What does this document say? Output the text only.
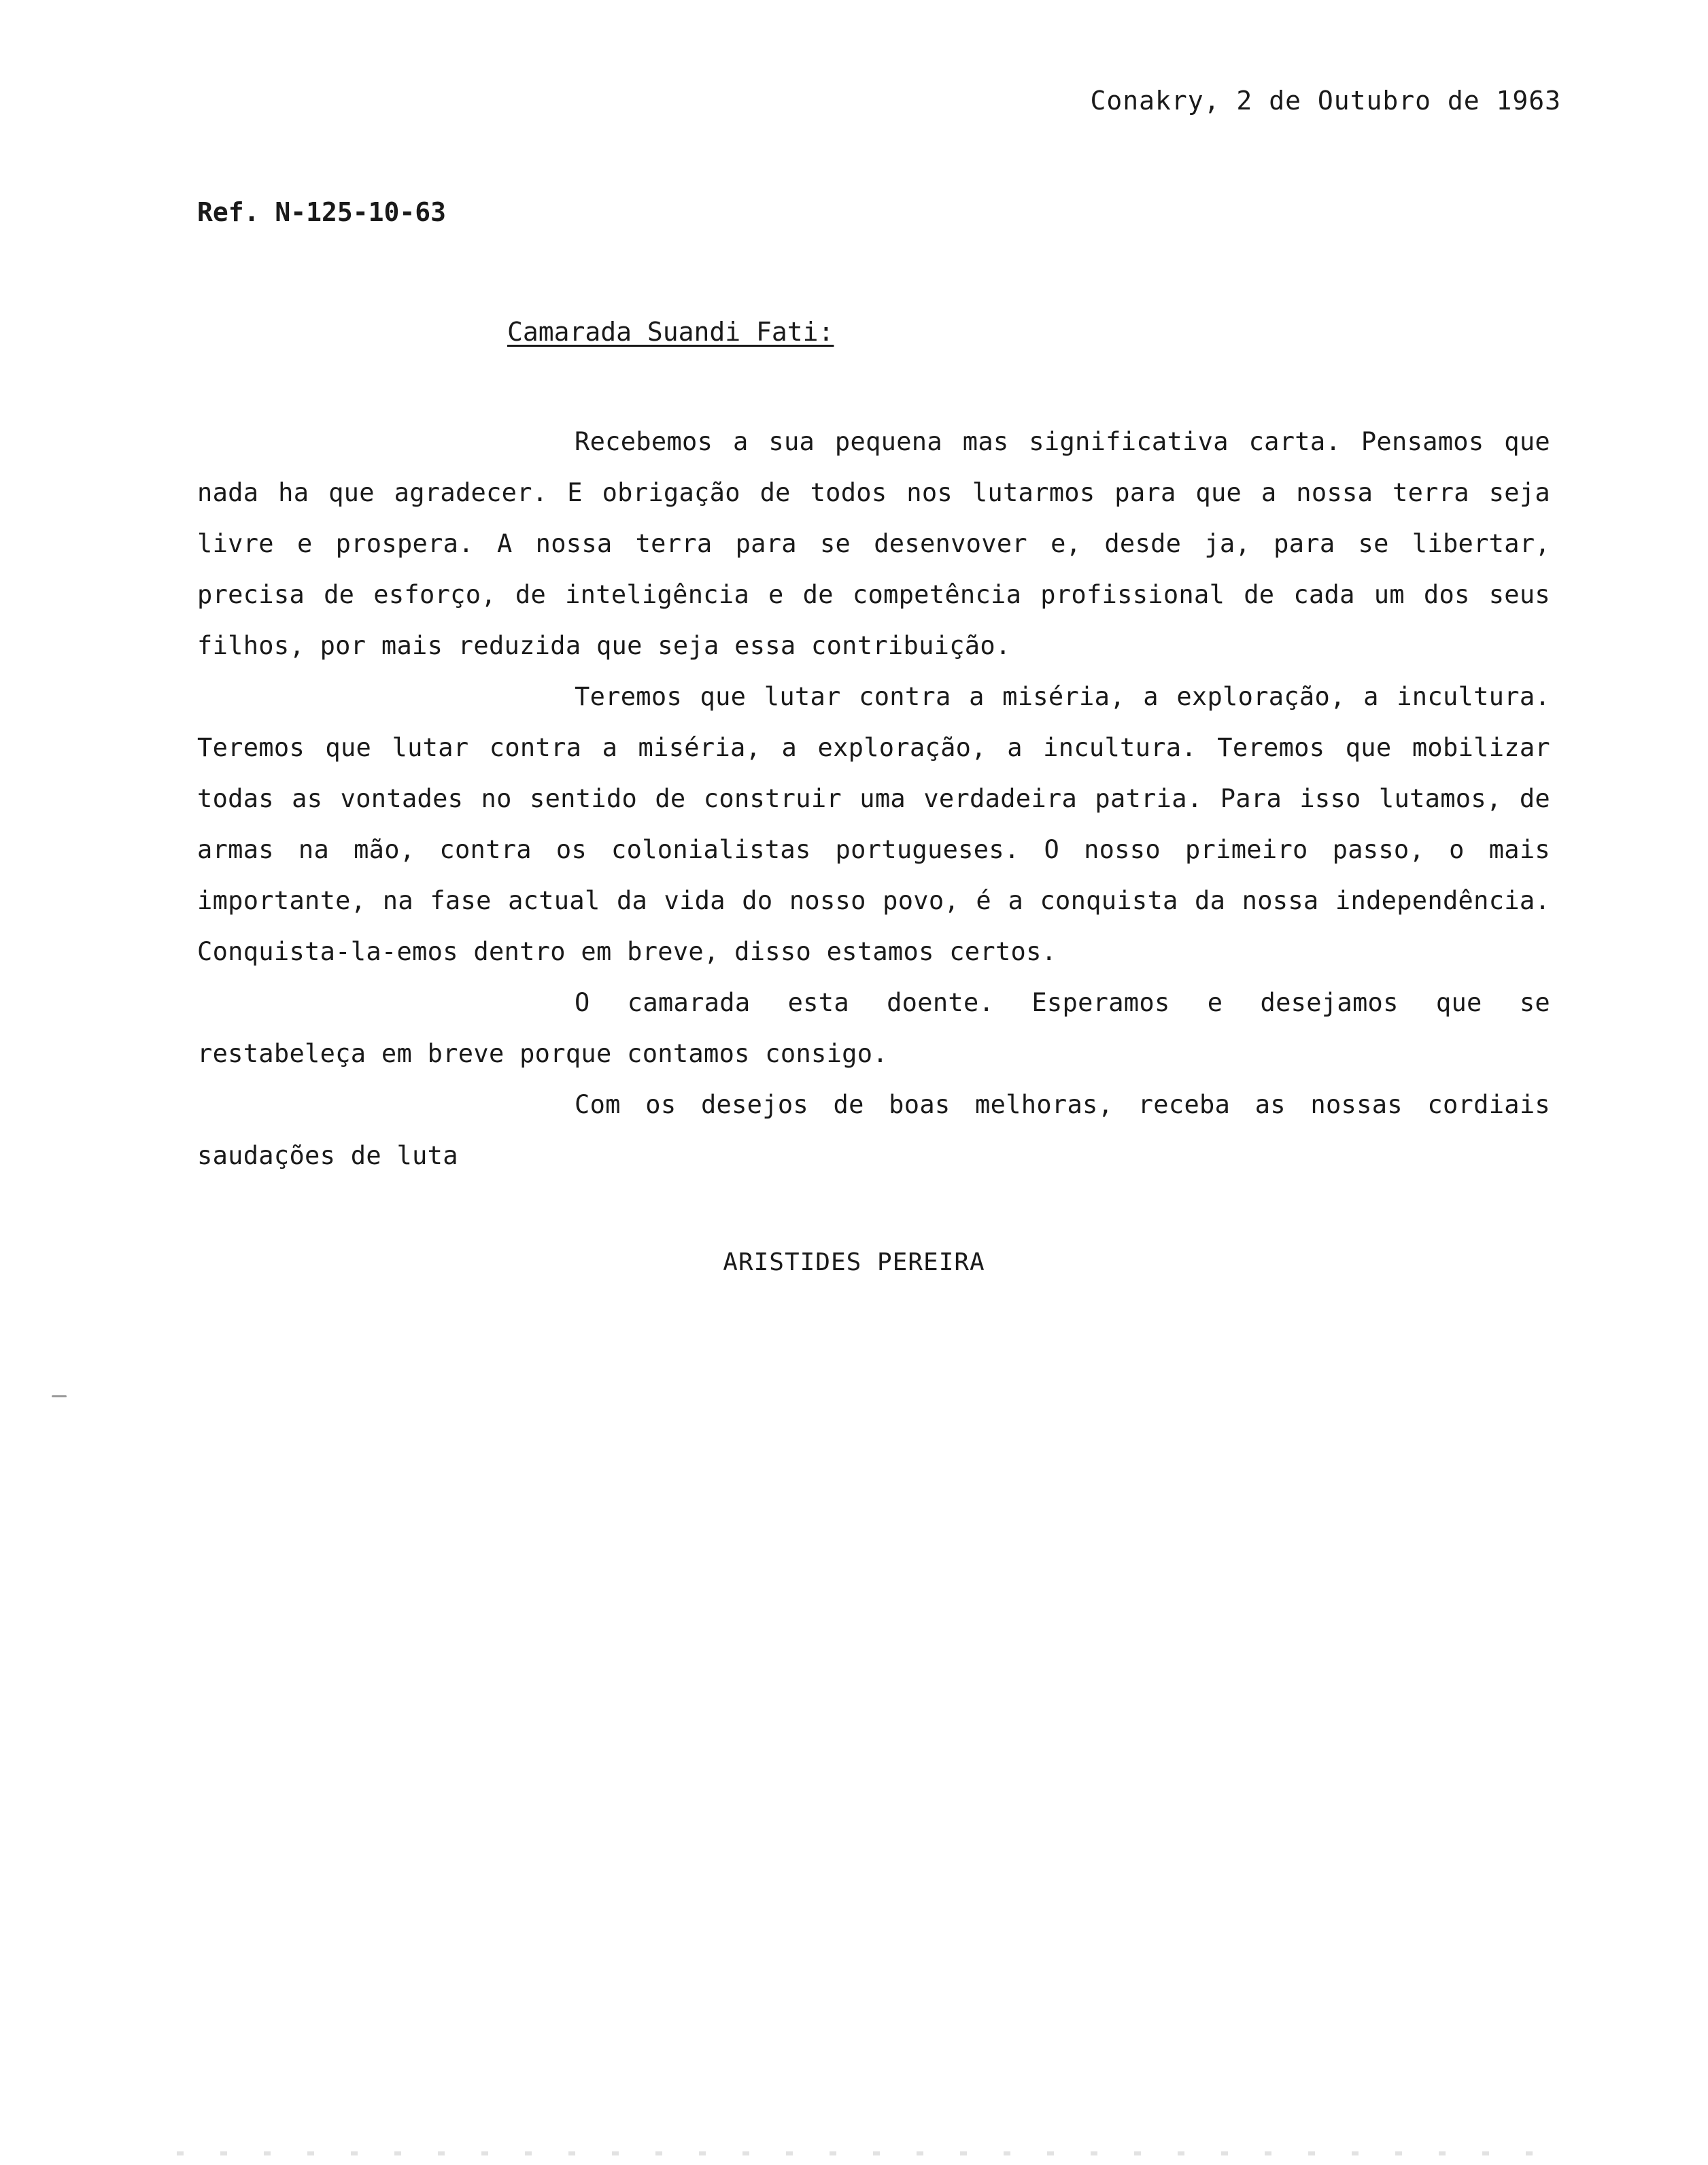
Conakry, 2 de Outubro de 1963
Ref. N-125-10-63
Camarada Suandi Fati:

Recebemos a sua pequena mas significativa carta. Pensamos que nada ha que agradecer. E obrigação de todos nos lutarmos para que a nossa terra seja livre e prospera. A nossa terra para se desenvover e, desde ja, para se libertar, precisa de esforço, de inteligência e de competência profissional de cada um dos seus filhos, por mais reduzida que seja essa contribuição.

Teremos que lutar contra a miséria, a exploração, a incultura. Teremos que lutar contra a miséria, a exploração, a incultura. Teremos que mobilizar todas as vontades no sentido de construir uma verdadeira patria. Para isso lutamos, de armas na mão, contra os colonialistas portugueses. O nosso primeiro passo, o mais importante, na fase actual da vida do nosso povo, é a conquista da nossa independência. Conquista-la-emos dentro em breve, disso estamos certos.

O camarada esta doente. Esperamos e desejamos que se restabeleça em breve porque contamos consigo.

Com os desejos de boas melhoras, receba as nossas cordiais saudações de luta

ARISTIDES PEREIRA
